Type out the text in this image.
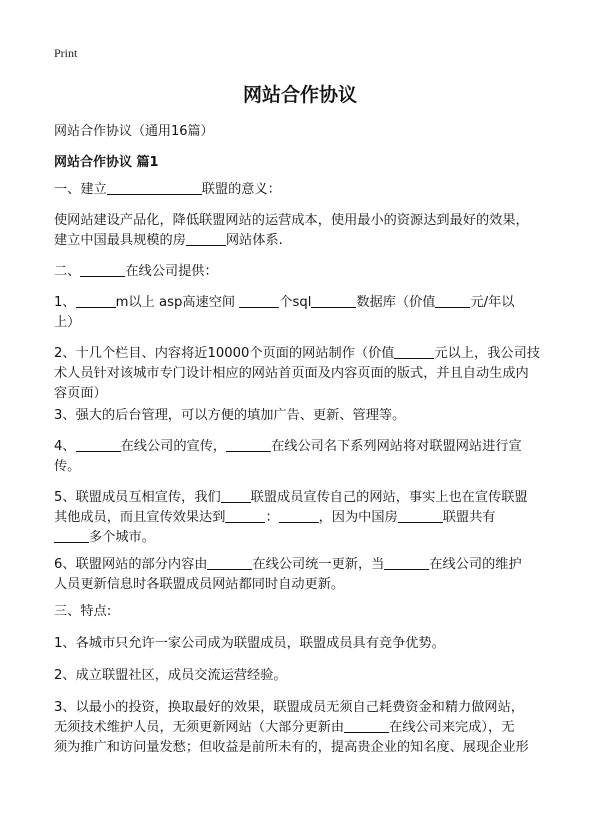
Print
网站合作协议
网站合作协议（通用16篇）
网站合作协议 篇1

一、建立	联盟的意义：

使网站建设产品化，降低联盟网站的运营成本，使用最小的资源达到最好的效果，
建立中国最具规模的房	网站体系.

二、	在线公司提供：

1、	m以上 asp高速空间	个sql	数据库（价值	元/年以
上）

2、十几个栏目、内容将近10000个页面的网站制作（价值	元以上，我公司技
术人员针对该城市专门设计相应的网站首页面及内容页面的版式，并且自动生成内
容页面）

3、强大的后台管理，可以方便的填加广告、更新、管理等。

4、	在线公司的宣传，	在线公司名下系列网站将对联盟网站进行宣
传。

5、联盟成员互相宣传，我们 联盟成员宣传自己的网站，事实上也在宣传联盟
其他成员，而且宣传效果达到	：	，因为中国房	联盟共有
多个城市。

6、联盟网站的部分内容由	在线公司统一更新，当	在线公司的维护
人员更新信息时各联盟成员网站都同时自动更新。

三、特点:

1、各城市只允许一家公司成为联盟成员，联盟成员具有竞争优势。

2、成立联盟社区，成员交流运营经验。

3、以最小的投资，换取最好的效果，联盟成员无须自己耗费资金和精力做网站，
无须技术维护人员，无须更新网站（大部分更新由	在线公司来完成），无
须为推广和访问量发愁；但收益是前所未有的，提高贵企业的知名度、展现企业形
